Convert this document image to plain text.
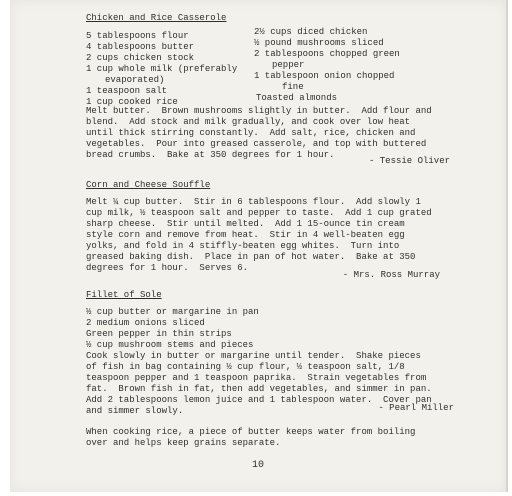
Chicken and Rice Casserole
5 tablespoons flour
4 tablespoons butter
2 cups chicken stock
1 cup whole milk (preferably
evaporated)
1 teaspoon salt
1 cup cooked rice
2½ cups diced chicken
½ pound mushrooms sliced
2 tablespoons chopped green
pepper
1 tablespoon onion chopped
fine
Toasted almonds
Melt butter.  Brown mushrooms slightly in butter.  Add flour and
blend.  Add stock and milk gradually, and cook over low heat
until thick stirring constantly.  Add salt, rice, chicken and
vegetables.  Pour into greased casserole, and top with buttered
bread crumbs.  Bake at 350 degrees for 1 hour.
- Tessie Oliver
Corn and Cheese Souffle
Melt ¼ cup butter.  Stir in 6 tablespoons flour.  Add slowly 1
cup milk, ½ teaspoon salt and pepper to taste.  Add 1 cup grated
sharp cheese.  Stir until melted.  Add 1 15-ounce tin cream
style corn and remove from heat.  Stir in 4 well-beaten egg
yolks, and fold in 4 stiffly-beaten egg whites.  Turn into
greased baking dish.  Place in pan of hot water.  Bake at 350
degrees for 1 hour.  Serves 6.
- Mrs. Ross Murray
Fillet of Sole
½ cup butter or margarine in pan
2 medium onions sliced
Green pepper in thin strips
½ cup mushroom stems and pieces
Cook slowly in butter or margarine until tender.  Shake pieces
of fish in bag containing ½ cup flour, ½ teaspoon salt, 1/8
teaspoon pepper and 1 teaspoon paprika.  Strain vegetables from
fat.  Brown fish in fat, then add vegetables, and simmer in pan.
Add 2 tablespoons lemon juice and 1 tablespoon water.  Cover pan
and simmer slowly.	- Pearl Miller
When cooking rice, a piece of butter keeps water from boiling
over and helps keep grains separate.
10
